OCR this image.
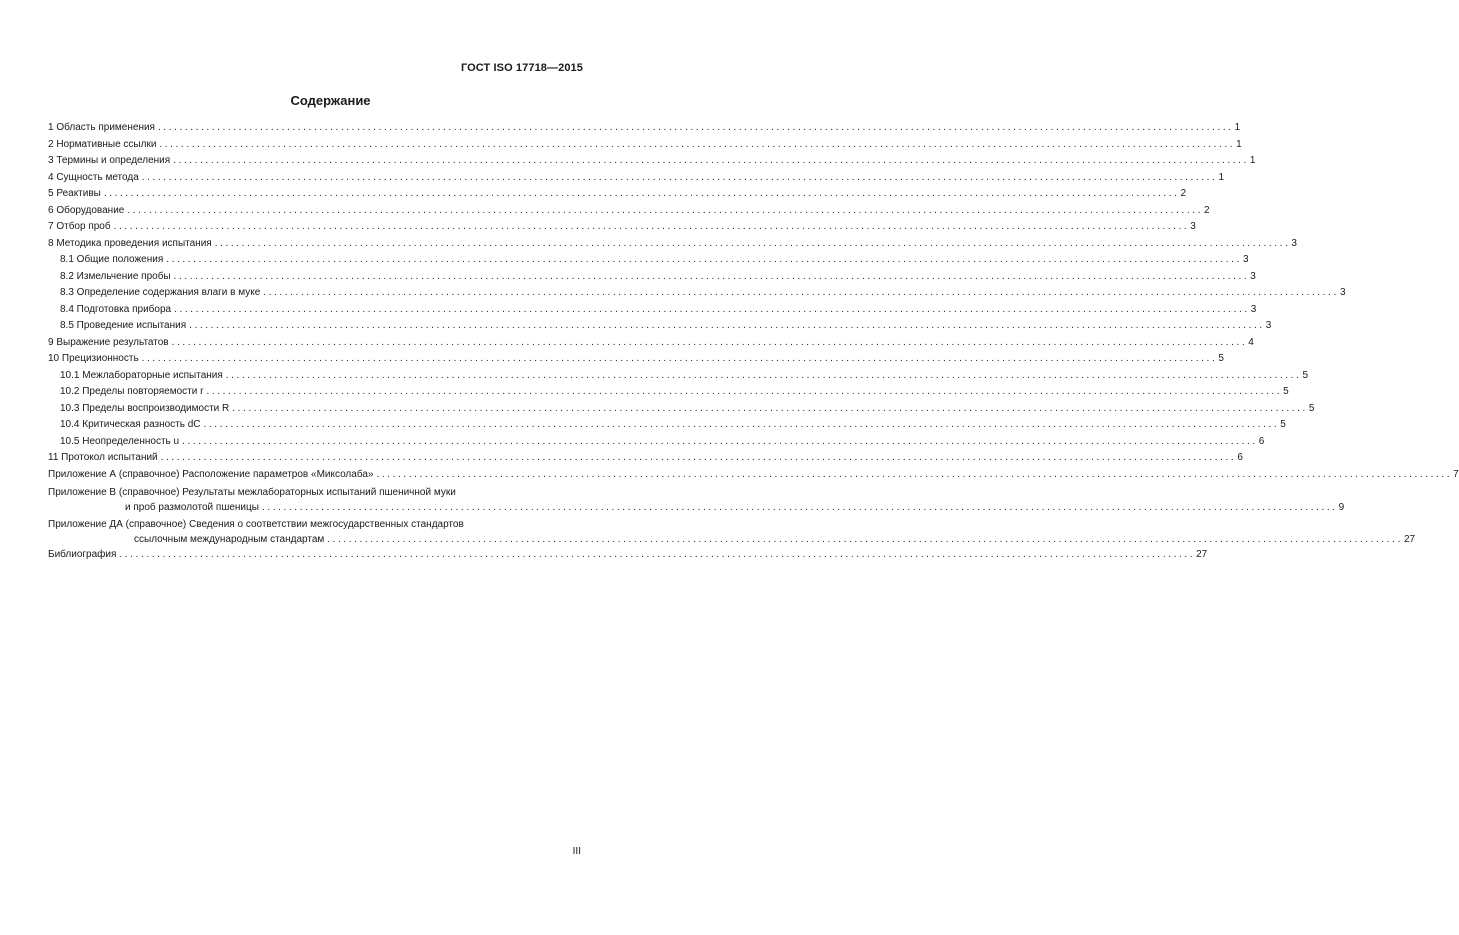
ГОСТ ISO 17718—2015
Содержание
1 Область применения ........................................................................................................................................................................................................ 1
2 Нормативные ссылки ........................................................................................................................................................................................................ 1
3 Термины и определения ........................................................................................................................................................................................................ 1
4 Сущность метода ........................................................................................................................................................................................................ 1
5 Реактивы ........................................................................................................................................................................................................ 2
6 Оборудование ........................................................................................................................................................................................................ 2
7 Отбор проб ........................................................................................................................................................................................................ 3
8 Методика проведения испытания ........................................................................................................................................................................................................ 3
8.1 Общие положения ........................................................................................................................................................................................................ 3
8.2 Измельчение пробы ........................................................................................................................................................................................................ 3
8.3 Определение содержания влаги в муке ........................................................................................................................................................................................................ 3
8.4 Подготовка прибора ........................................................................................................................................................................................................ 3
8.5 Проведение испытания ........................................................................................................................................................................................................ 3
9 Выражение результатов ........................................................................................................................................................................................................ 4
10 Прецизионность ........................................................................................................................................................................................................ 5
10.1 Межлабораторные испытания ........................................................................................................................................................................................................ 5
10.2 Пределы повторяемости r ........................................................................................................................................................................................................ 5
10.3 Пределы воспроизводимости R ........................................................................................................................................................................................................ 5
10.4 Критическая разность dC ........................................................................................................................................................................................................ 5
10.5 Неопределенность u ........................................................................................................................................................................................................ 6
11 Протокол испытаний ........................................................................................................................................................................................................ 6
Приложение А (справочное) Расположение параметров «Миксолаба» ........................................................................................................................................................................................................ 7
Приложение В (справочное) Результаты межлабораторных испытаний пшеничной муки
и проб размолотой пшеницы ........................................................................................................................................................................................................ 9
Приложение ДА (справочное) Сведения о соответствии межгосударственных стандартов
ссылочным международным стандартам ........................................................................................................................................................................................................ 27
Библиография ........................................................................................................................................................................................................ 27
III
